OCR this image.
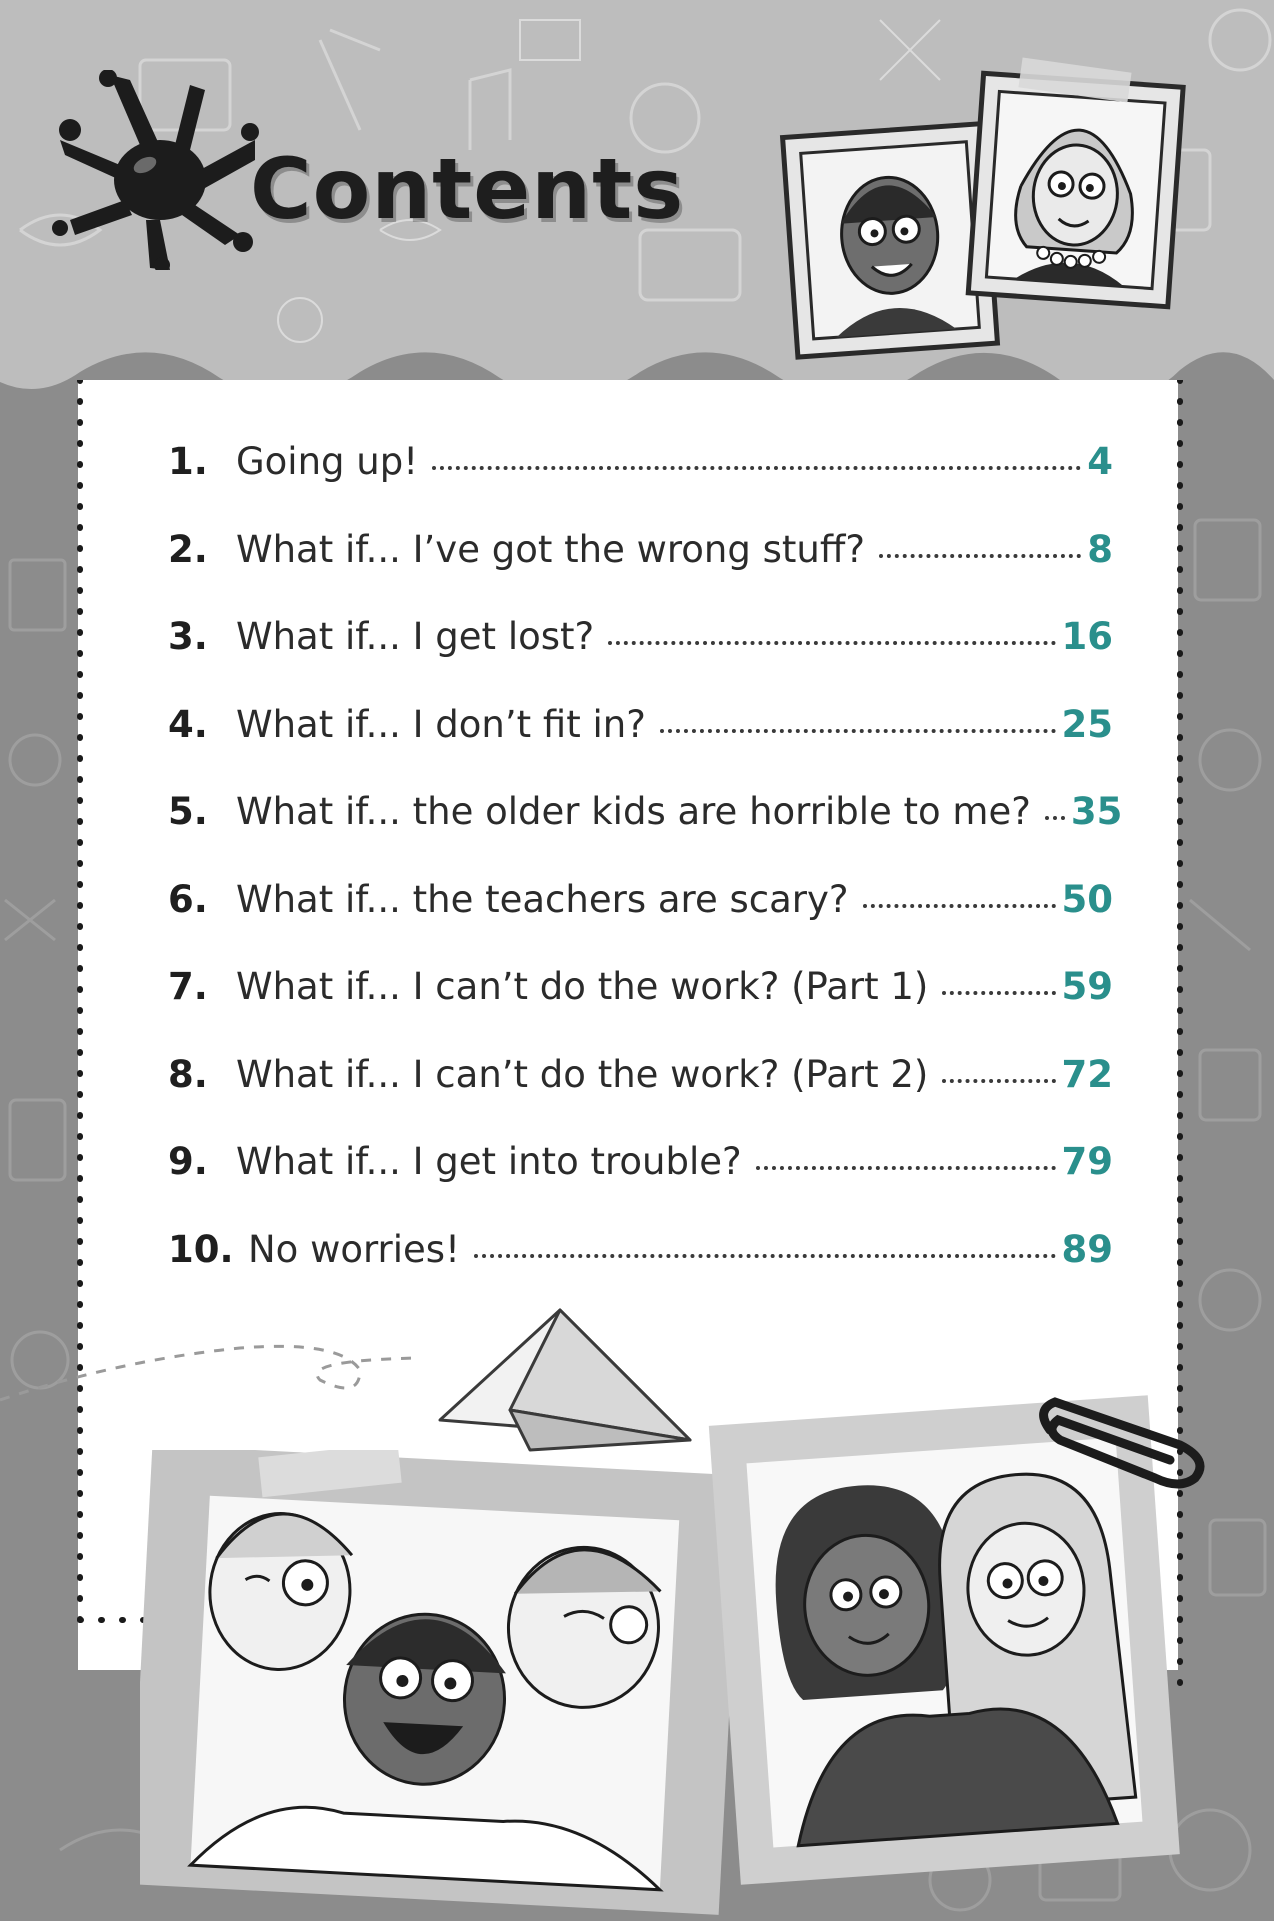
Contents
1. Going up!	4
2. What if... I’ve got the wrong stuff?	8
3. What if... I get lost?	16
4. What if... I don’t fit in?	25
5. What if... the older kids are horrible to me? 35
6. What if... the teachers are scary?	50
7. What if... I can’t do the work? (Part 1)	59
8. What if... I can’t do the work? (Part 2)	72
9. What if... I get into trouble?	79
10. No worries!	89
